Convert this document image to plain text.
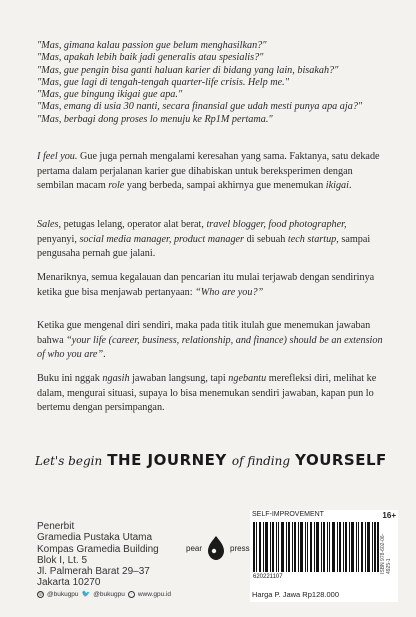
"Mas, gimana kalau passion gue belum menghasilkan?"
"Mas, apakah lebih baik jadi generalis atau spesialis?"
"Mas, gue pengin bisa ganti haluan karier di bidang yang lain, bisakah?"
"Mas, gue lagi di tengah-tengah quarter-life crisis. Help me."
"Mas, gue bingung ikigai gue apa."
"Mas, emang di usia 30 nanti, secara finansial gue udah mesti punya apa aja?"
"Mas, berbagi dong proses lo menuju ke Rp1M pertama."
I feel you. Gue juga pernah mengalami keresahan yang sama. Faktanya, satu dekade pertama dalam perjalanan karier gue dihabiskan untuk bereksperimen dengan sembilan macam role yang berbeda, sampai akhirnya gue menemukan ikigai.
Sales, petugas lelang, operator alat berat, travel blogger, food photographer, penyanyi, social media manager, product manager di sebuah tech startup, sampai pengusaha pernah gue jalani.
Menariknya, semua kegalauan dan pencarian itu mulai terjawab dengan sendirinya ketika gue bisa menjawab pertanyaan: “Who are you?”
Ketika gue mengenal diri sendiri, maka pada titik itulah gue menemukan jawaban bahwa “your life (career, business, relationship, and finance) should be an extension of who you are”.
Buku ini nggak ngasih jawaban langsung, tapi ngebantu merefleksi diri, melihat ke dalam, mengurai situasi, supaya lo bisa menemukan sendiri jawaban, kapan pun lo bertemu dengan persimpangan.
Let's begin THE JOURNEY of finding YOURSELF
Penerbit
Gramedia Pustaka Utama
Kompas Gramedia Building
Blok I, Lt. 5
Jl. Palmerah Barat 29–37
Jakarta 10270
◎ @bukugpu 🐦 @bukugpu	· www.gpu.id
pear	press
SELF-IMPROVEMENT	16+
620221107
ISBN 978-602-06-4925-1
Harga P. Jawa Rp128.000
